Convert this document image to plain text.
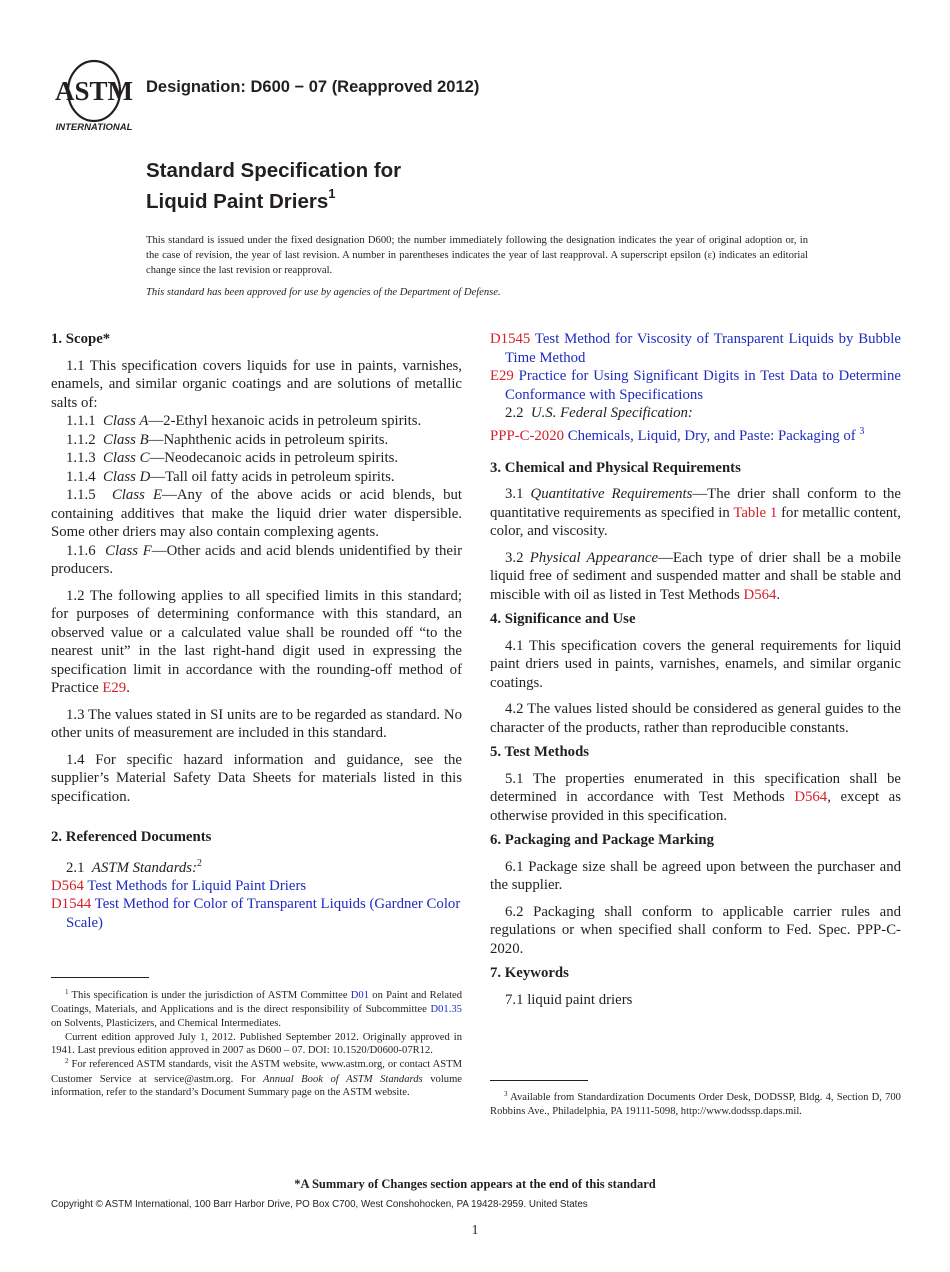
ASTM
INTERNATIONAL
Designation: D600 − 07 (Reapproved 2012)
Standard Specification for
Liquid Paint Driers$^1$
This standard is issued under the fixed designation D600; the number immediately following the designation indicates the year of original adoption or, in the case of revision, the year of last revision. A number in parentheses indicates the year of last reapproval. A superscript epsilon (ε) indicates an editorial change since the last revision or reapproval.
This standard has been approved for use by agencies of the Department of Defense.
1. Scope*

1.1 This specification covers liquids for use in paints, varnishes, enamels, and similar organic coatings and are solutions of metallic salts of:

1.1.1 Class A—2-Ethyl hexanoic acids in petroleum spirits.
1.1.2 Class B—Naphthenic acids in petroleum spirits.
1.1.3 Class C—Neodecanoic acids in petroleum spirits.
1.1.4 Class D—Tall oil fatty acids in petroleum spirits.

1.1.5 Class E—Any of the above acids or acid blends, but containing additives that make the liquid drier water dispersible. Some other driers may also contain complexing agents.

1.1.6 Class F—Other acids and acid blends unidentified by their producers.

1.2 The following applies to all specified limits in this standard; for purposes of determining conformance with this standard, an observed value or a calculated value shall be rounded off “to the nearest unit” in the last right-hand digit used in expressing the specification limit in accordance with the rounding-off method of Practice E29.

1.3 The values stated in SI units are to be regarded as standard. No other units of measurement are included in this standard.

1.4 For specific hazard information and guidance, see the supplier’s Material Safety Data Sheets for materials listed in this specification.

2. Referenced Documents
2.1 ASTM Standards:$^2$
D564 Test Methods for Liquid Paint Driers
D1544 Test Method for Color of Transparent Liquids (Gardner Color Scale)
D1545 Test Method for Viscosity of Transparent Liquids by Bubble Time Method
E29 Practice for Using Significant Digits in Test Data to Determine Conformance with Specifications
2.2 U.S. Federal Specification:
PPP-C-2020 Chemicals, Liquid, Dry, and Paste: Packaging of $^3$
3. Chemical and Physical Requirements

3.1 Quantitative Requirements—The drier shall conform to the quantitative requirements as specified in Table 1 for metallic content, color, and viscosity.

3.2 Physical Appearance—Each type of drier shall be a mobile liquid free of sediment and suspended matter and shall be stable and miscible with oil as listed in Test Methods D564.

4. Significance and Use

4.1 This specification covers the general requirements for liquid paint driers used in paints, varnishes, enamels, and similar organic coatings.

4.2 The values listed should be considered as general guides to the character of the products, rather than reproducible constants.

5. Test Methods

5.1 The properties enumerated in this specification shall be determined in accordance with Test Methods D564, except as otherwise provided in this specification.

6. Packaging and Package Marking

6.1 Package size shall be agreed upon between the purchaser and the supplier.

6.2 Packaging shall conform to applicable carrier rules and regulations or when specified shall conform to Fed. Spec. PPP-C-2020.

7. Keywords

7.1 liquid paint driers

$^1$ This specification is under the jurisdiction of ASTM Committee D01 on Paint and Related Coatings, Materials, and Applications and is the direct responsibility of Subcommittee D01.35 on Solvents, Plasticizers, and Chemical Intermediates.

Current edition approved July 1, 2012. Published September 2012. Originally approved in 1941. Last previous edition approved in 2007 as D600 – 07. DOI: 10.1520/D0600-07R12.

$^2$ For referenced ASTM standards, visit the ASTM website, www.astm.org, or contact ASTM Customer Service at service@astm.org. For Annual Book of ASTM Standards volume information, refer to the standard’s Document Summary page on the ASTM website.	$^3$ Available from Standardization Documents Order Desk, DODSSP, Bldg. 4, Section D, 700 Robbins Ave., Philadelphia, PA 19111-5098, http://www.dodssp.daps.mil.

*A Summary of Changes section appears at the end of this standard
Copyright © ASTM International, 100 Barr Harbor Drive, PO Box C700, West Conshohocken, PA 19428-2959. United States
1
